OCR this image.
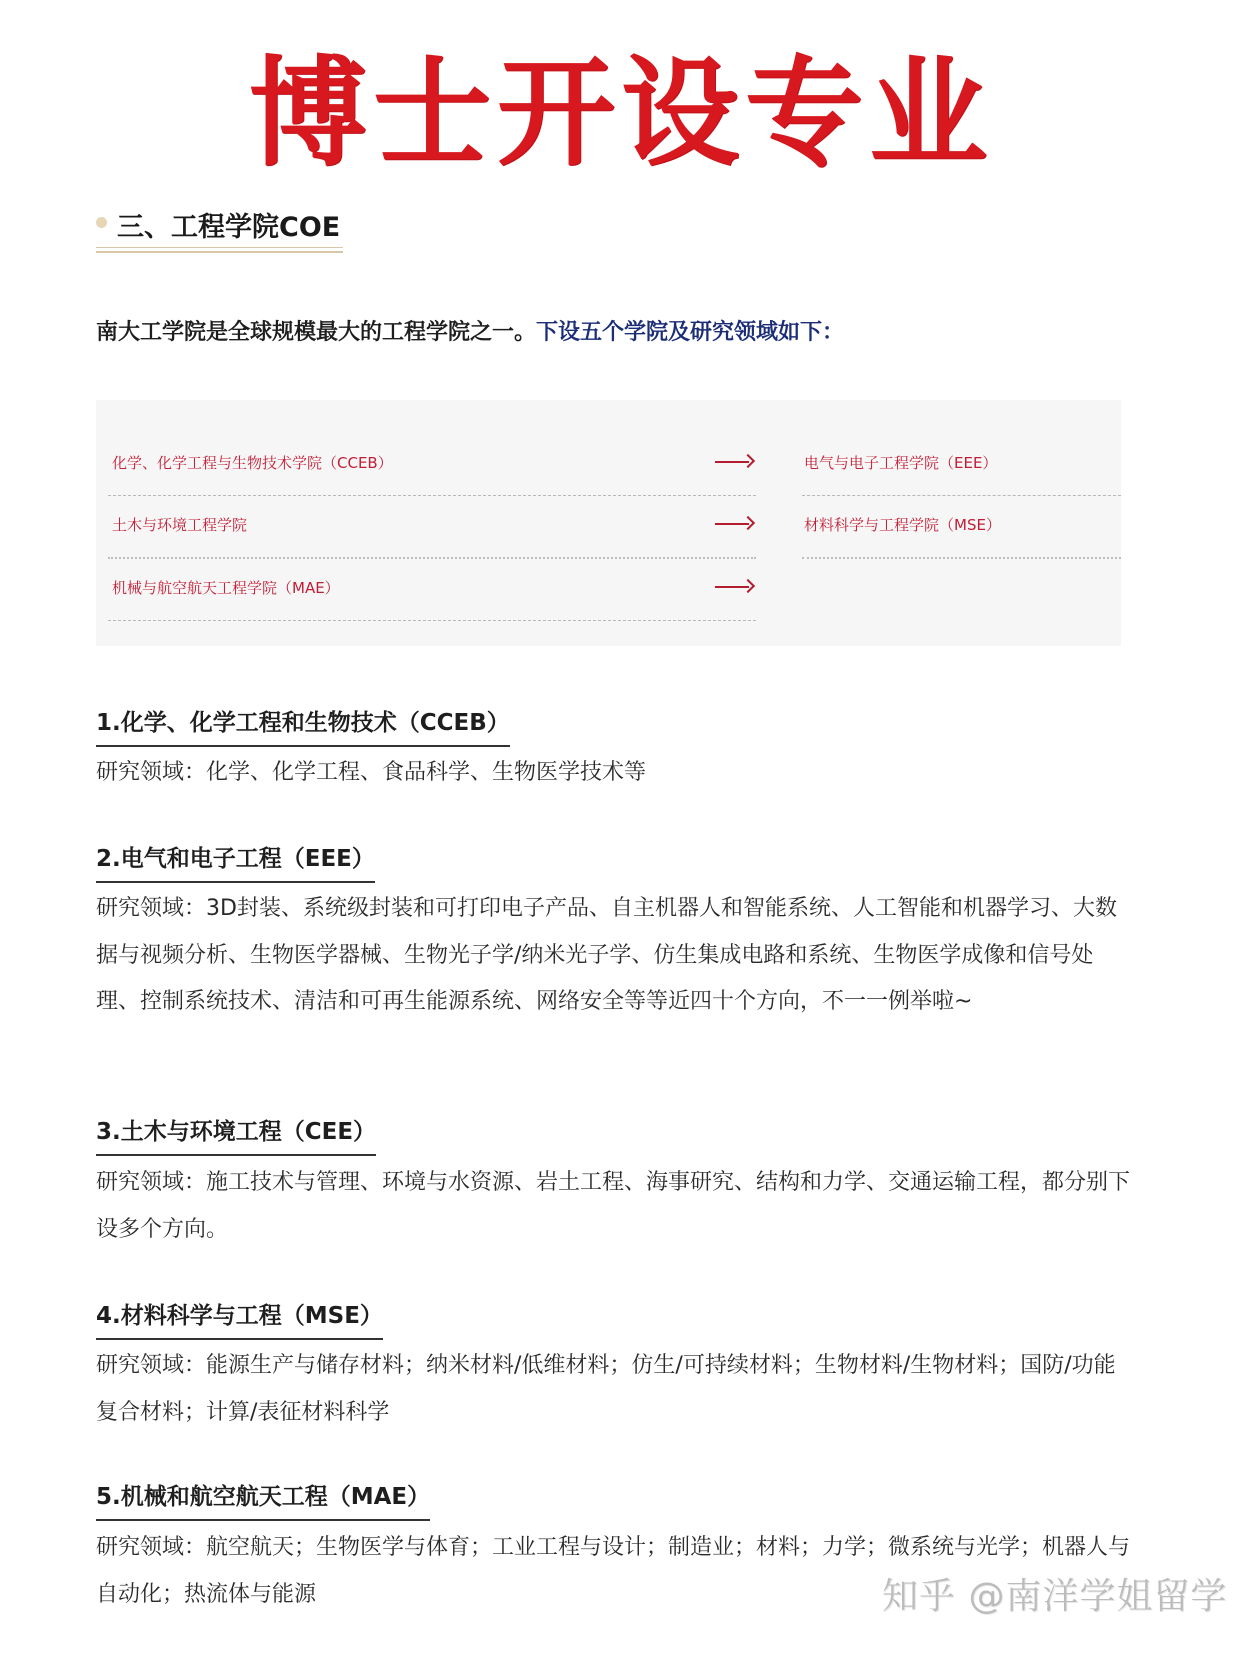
博士开设专业
三、工程学院COE
南大工学院是全球规模最大的工程学院之一。下设五个学院及研究领域如下：
化学、化学工程与生物技术学院（CCEB）
土木与环境工程学院
机械与航空航天工程学院（MAE）
电气与电子工程学院（EEE）
材料科学与工程学院（MSE）
1.化学、化学工程和生物技术（CCEB）
研究领域：化学、化学工程、食品科学、生物医学技术等
2.电气和电子工程（EEE）
研究领域：3D封装、系统级封装和可打印电子产品、自主机器人和智能系统、人工智能和机器学习、大数据与视频分析、生物医学器械、生物光子学/纳米光子学、仿生集成电路和系统、生物医学成像和信号处理、控制系统技术、清洁和可再生能源系统、网络安全等等近四十个方向，不一一例举啦~
3.土木与环境工程（CEE）
研究领域：施工技术与管理、环境与水资源、岩土工程、海事研究、结构和力学、交通运输工程，都分别下设多个方向。
4.材料科学与工程（MSE）
研究领域：能源生产与储存材料；纳米材料/低维材料；仿生/可持续材料；生物材料/生物材料；国防/功能复合材料；计算/表征材料科学
5.机械和航空航天工程（MAE）
研究领域：航空航天；生物医学与体育；工业工程与设计；制造业；材料；力学；微系统与光学；机器人与自动化；热流体与能源	知乎 @南洋学姐留学
